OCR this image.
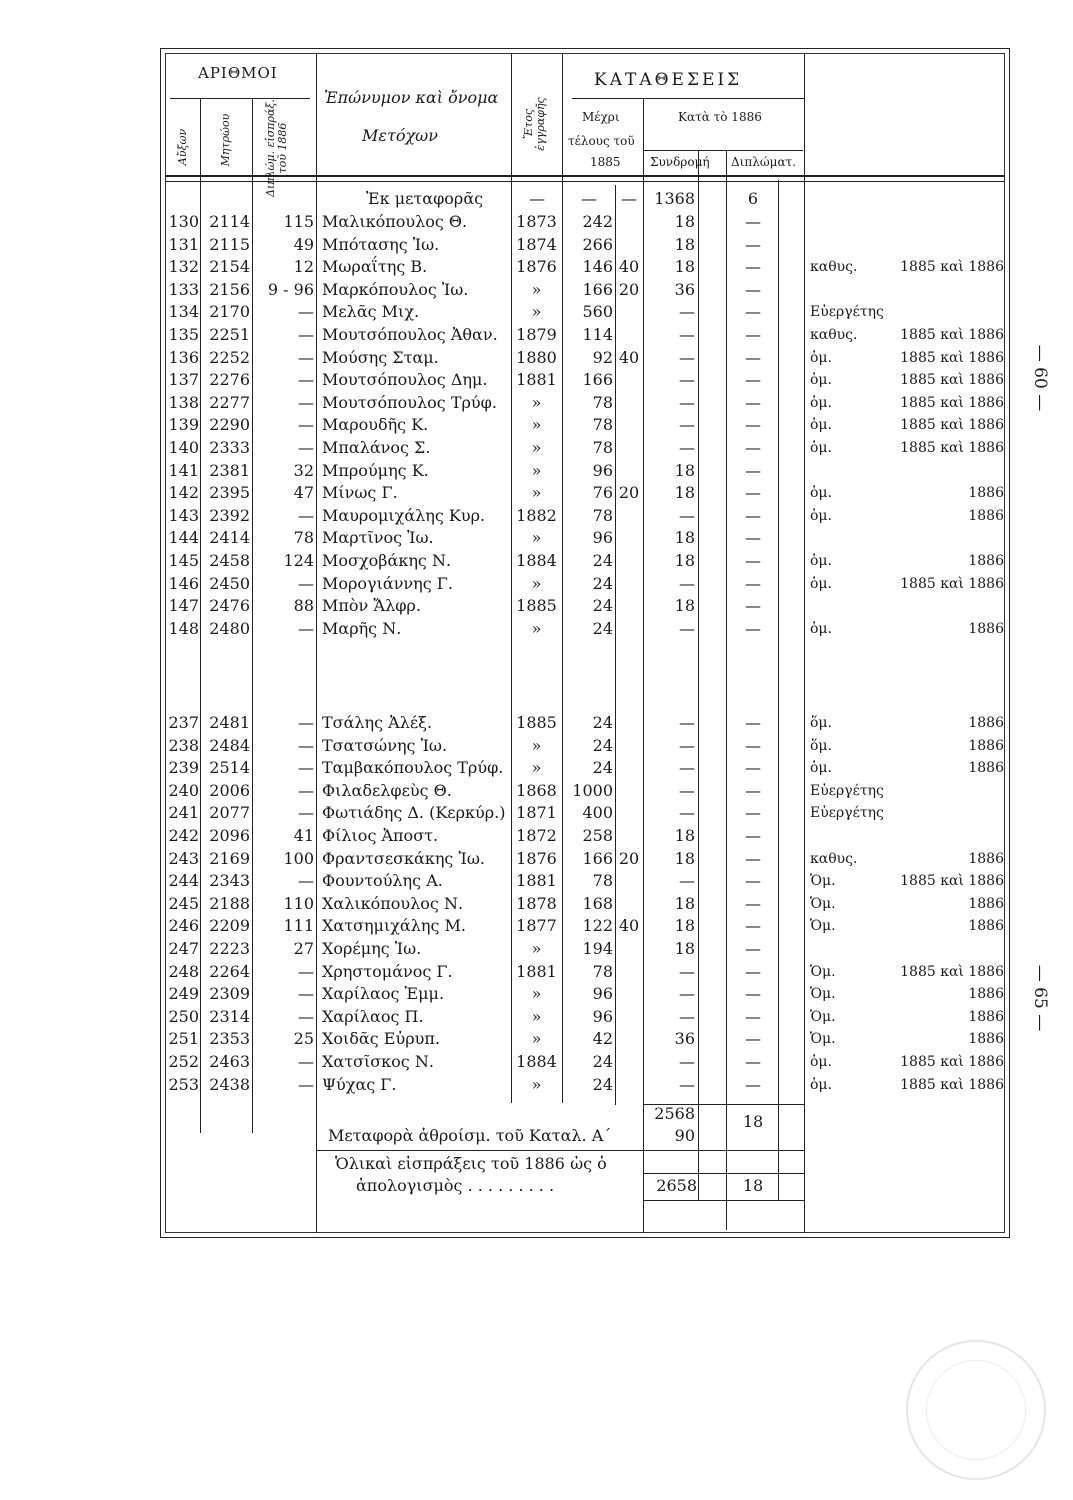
ΑΡΙΘΜΟΙ
Αὔξων	Μητρώου	Διπλώμ. εἰσπράξ. τοῦ 1886
Ἐπώνυμον καὶ ὄνομα
Μετόχων	Ἔτος ἐγγραφῆς
ΚΑΤΑΘΕΣΕΙΣ
Μέχρι
τέλους τοῦ
1885
Κατὰ τὸ 1886
Συνδρομή Διπλώματ.
Ἐκ μεταφορᾶς	—	—	—	1368	6
130 2114	115 Μαλικόπουλος Θ.	1873	242	18	—
131 2115	49 Μπότασης Ἰω.	1874	266	18	—
132 2154	12 Μωραΐτης Β.	1876	146 40	18	—	καθυς.	1885 καὶ 1886
133 2156	9 - 96 Μαρκόπουλος Ἰω.	»	166 20	36	—
134 2170	— Μελᾶς Μιχ.	»	560	—	—	Εὐεργέτης
135 2251	— Μουτσόπουλος Ἀθαν.	1879	114	—	—	καθυς.	1885 καὶ 1886
136 2252	— Μούσης Σταμ.	1880	92 40	—	—	ὁμ.	1885 καὶ 1886
137 2276	— Μουτσόπουλος Δημ.	1881	166	—	—	ὁμ.	1885 καὶ 1886
138 2277	— Μουτσόπουλος Τρύφ.	»	78	—	—	ὁμ.	1885 καὶ 1886
139 2290	— Μαρουδῆς Κ.	»	78	—	—	ὁμ.	1885 καὶ 1886
140 2333	— Μπαλάνος Σ.	»	78	—	—	ὁμ.	1885 καὶ 1886
141 2381	32 Μπρούμης Κ.	»	96	18	—
142 2395	47 Μίνως Γ.	»	76 20	18	—	ὁμ.	1886
143 2392	— Μαυρομιχάλης Κυρ.	1882	78	—	—	ὁμ.	1886
144 2414	78 Μαρτῖνος Ἰω.	»	96	18	—
145 2458	124 Μοσχοβάκης Ν.	1884	24	18	—	ὁμ.	1886
146 2450	— Μορογιάννης Γ.	»	24	—	—	ὁμ.	1885 καὶ 1886
147 2476	88 Μπὸν Ἄλφρ.	1885	24	18	—
148 2480	— Μαρῆς Ν.	»	24	—	—	ὁμ.	1886
237 2481	— Τσάλης Ἀλέξ.	1885	24	—	—	ὅμ.	1886
238 2484	— Τσατσώνης Ἰω.	»	24	—	—	ὅμ.	1886
239 2514	— Ταμβακόπουλος Τρύφ.	»	24	—	—	ὁμ.	1886
240 2006	— Φιλαδελφεὺς Θ.	1868 1000	—	—	Εὐεργέτης
241 2077	— Φωτιάδης Δ. (Κερκύρ.) 1871	400	—	—	Εὐεργέτης
242 2096	41 Φίλιος Ἀποστ.	1872	258	18	—
243 2169	100 Φραντσεσκάκης Ἰω.	1876	166 20	18	—	καθυς.	1886
244 2343	— Φουντούλης Α.	1881	78	—	—	Ὁμ.	1885 καὶ 1886
245 2188	110 Χαλικόπουλος Ν.	1878	168	18	—	Ὁμ.	1886
246 2209	111 Χατσημιχάλης Μ.	1877	122 40	18	—	Ὁμ.	1886
247 2223	27 Χορέμης Ἰω.	»	194	18	—
248 2264	— Χρηστομάνος Γ.	1881	78	—	—	Ὁμ.	1885 καὶ 1886
249 2309	— Χαρίλαος Ἐμμ.	»	96	—	—	Ὁμ.	1886
250 2314	— Χαρίλαος Π.	»	96	—	—	Ὁμ.	1886
251 2353	25 Χοιδᾶς Εὐρυπ.	»	42	36	—	Ὁμ.	1886
252 2463	— Χατσῖσκος Ν.	1884	24	—	—	ὁμ.	1885 καὶ 1886
253 2438	— Ψύχας Γ.	»	24	—	—	ὁμ.	1885 καὶ 1886
2568	18
Μεταφορὰ ἀθροίσμ. τοῦ Καταλ. Α΄	90
Ὁλικαὶ εἰσπράξεις τοῦ 1886 ὡς ὁ
ἀπολογισμὸς . . . . . . . . .	2658	18
— 60 —
— 65 —
